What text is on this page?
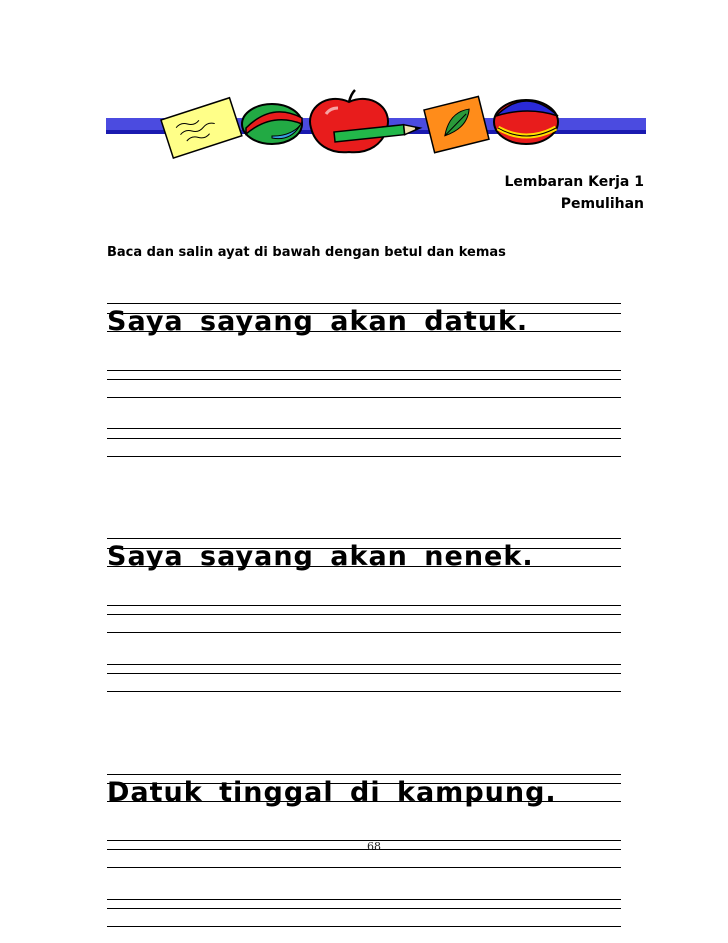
Lembaran Kerja 1
Pemulihan
Baca dan salin ayat di bawah dengan betul dan kemas
Saya sayang akan datuk.
Saya sayang akan nenek.
Datuk tinggal di kampung.
68
